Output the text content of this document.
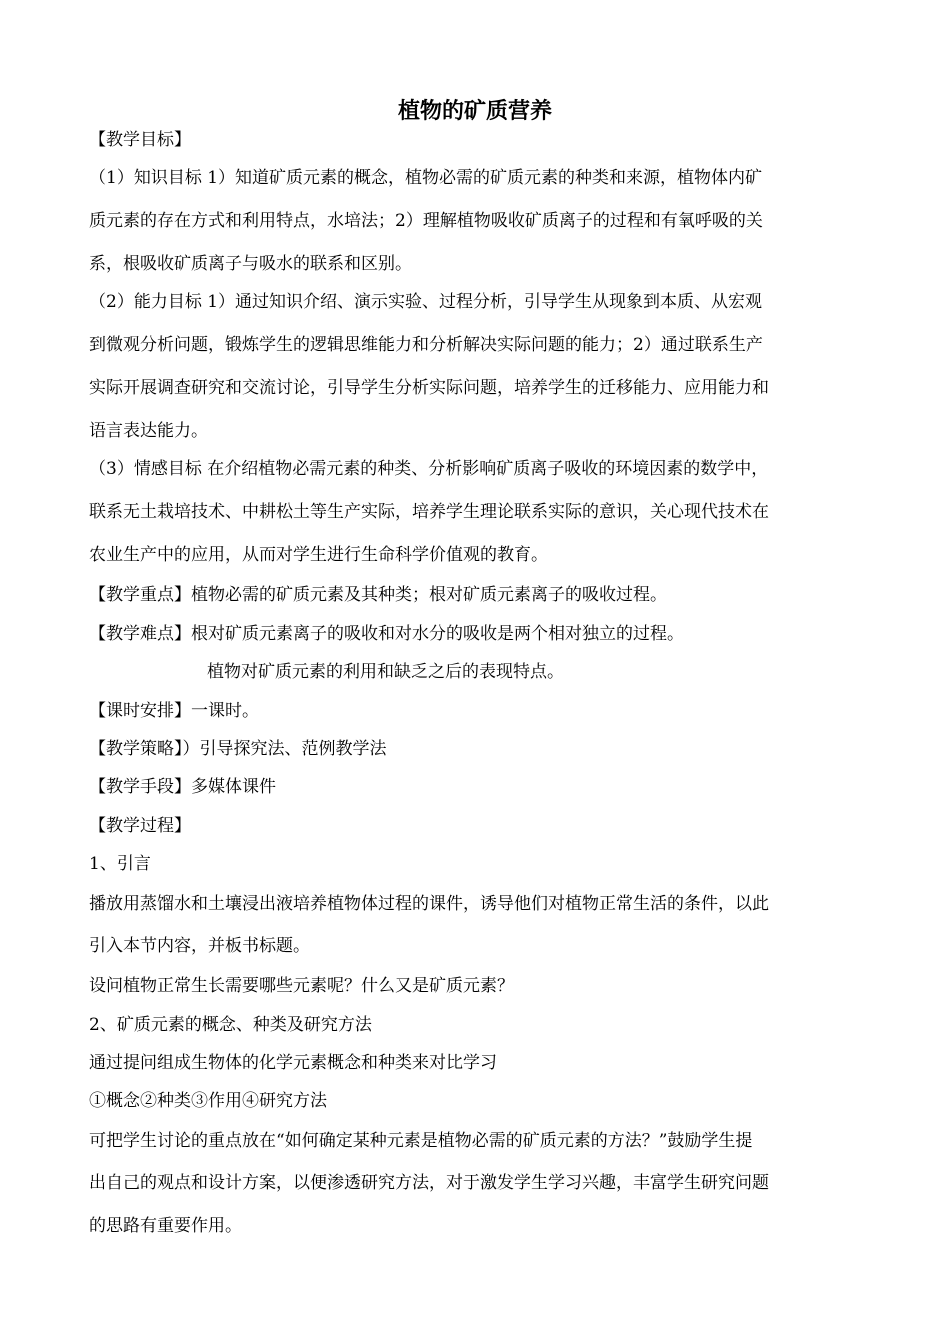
植物的矿质营养

【教学目标】

（1）知识目标 1）知道矿质元素的概念，植物必需的矿质元素的种类和来源，植物体内矿

质元素的存在方式和利用特点，水培法；2）理解植物吸收矿质离子的过程和有氧呼吸的关

系，根吸收矿质离子与吸水的联系和区别。

（2）能力目标 1）通过知识介绍、演示实验、过程分析，引导学生从现象到本质、从宏观

到微观分析问题，锻炼学生的逻辑思维能力和分析解决实际问题的能力；2）通过联系生产

实际开展调查研究和交流讨论，引导学生分析实际问题，培养学生的迁移能力、应用能力和

语言表达能力。

（3）情感目标 在介绍植物必需元素的种类、分析影响矿质离子吸收的环境因素的数学中，

联系无土栽培技术、中耕松土等生产实际，培养学生理论联系实际的意识，关心现代技术在

农业生产中的应用，从而对学生进行生命科学价值观的教育。

【教学重点】植物必需的矿质元素及其种类；根对矿质元素离子的吸收过程。

【教学难点】根对矿质元素离子的吸收和对水分的吸收是两个相对独立的过程。

植物对矿质元素的利用和缺乏之后的表现特点。

【课时安排】一课时。

【教学策略】）引导探究法、范例教学法

【教学手段】多媒体课件

【教学过程】

1、引言

播放用蒸馏水和土壤浸出液培养植物体过程的课件，诱导他们对植物正常生活的条件，以此

引入本节内容，并板书标题。

设问植物正常生长需要哪些元素呢？什么又是矿质元素？

2、矿质元素的概念、种类及研究方法

通过提问组成生物体的化学元素概念和种类来对比学习

①概念②种类③作用④研究方法

可把学生讨论的重点放在“如何确定某种元素是植物必需的矿质元素的方法？”鼓励学生提

出自己的观点和设计方案，以便渗透研究方法，对于激发学生学习兴趣，丰富学生研究问题

的思路有重要作用。
